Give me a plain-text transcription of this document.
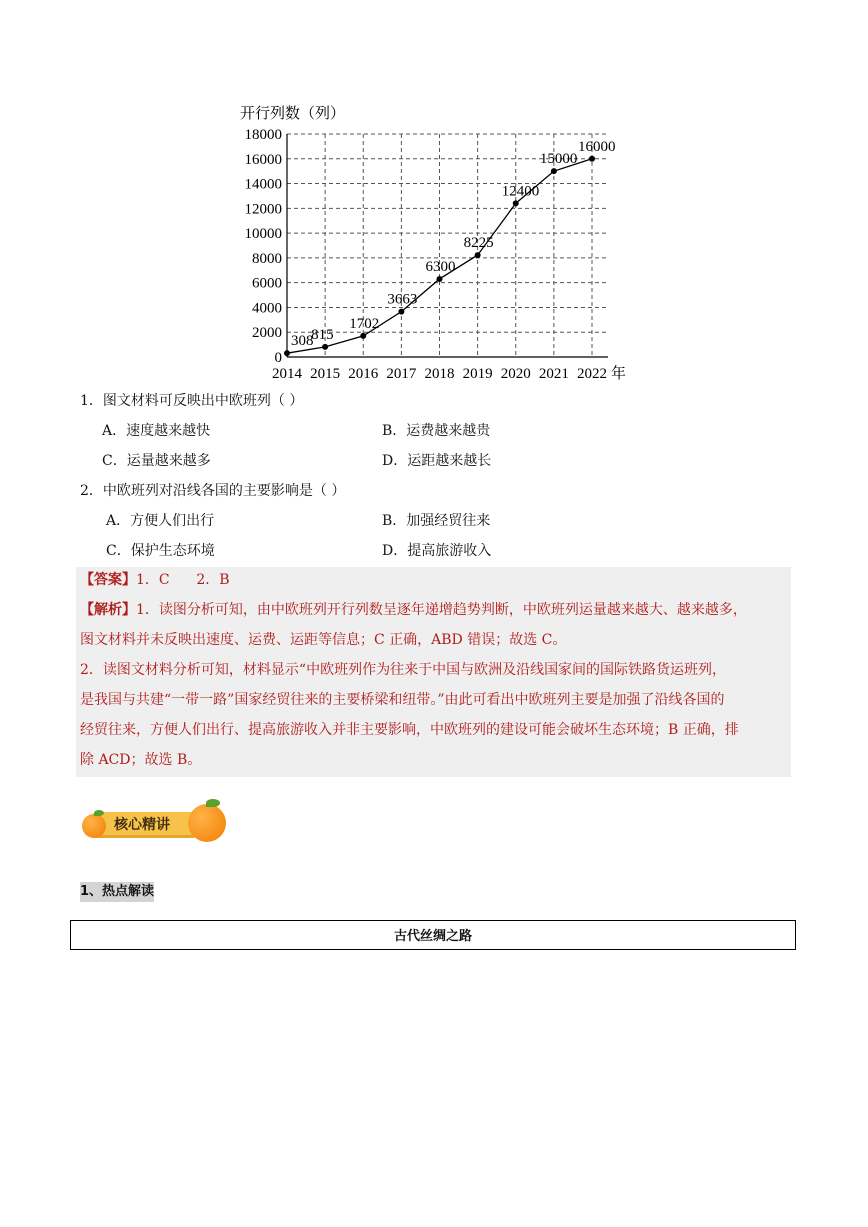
开行列数（列）
0
2000
4000
6000
8000
10000
12000
14000
16000
18000
2014 2015 2016 2017 2018 2019 2020 2021 2022 年
308
815
1702
3663
6300
8225
12400
15000
16000
1．图文材料可反映出中欧班列（ ）
A．速度越来越快	B．运费越来越贵
C．运量越来越多	D．运距越来越长
2．中欧班列对沿线各国的主要影响是（ ）
A．方便人们出行	B．加强经贸往来
C．保护生态环境	D．提高旅游收入
【答案】1．C      2．B
【解析】1．读图分析可知，由中欧班列开行列数呈逐年递增趋势判断，中欧班列运量越来越大、越来越多，
图文材料并未反映出速度、运费、运距等信息；C 正确，ABD 错误；故选 C。
2．读图文材料分析可知，材料显示“中欧班列作为往来于中国与欧洲及沿线国家间的国际铁路货运班列，
是我国与共建“一带一路”国家经贸往来的主要桥梁和纽带。”由此可看出中欧班列主要是加强了沿线各国的
经贸往来，方便人们出行、提高旅游收入并非主要影响，中欧班列的建设可能会破坏生态环境；B 正确，排
除 ACD；故选 B。
核心精讲
1、热点解读
古代丝绸之路
